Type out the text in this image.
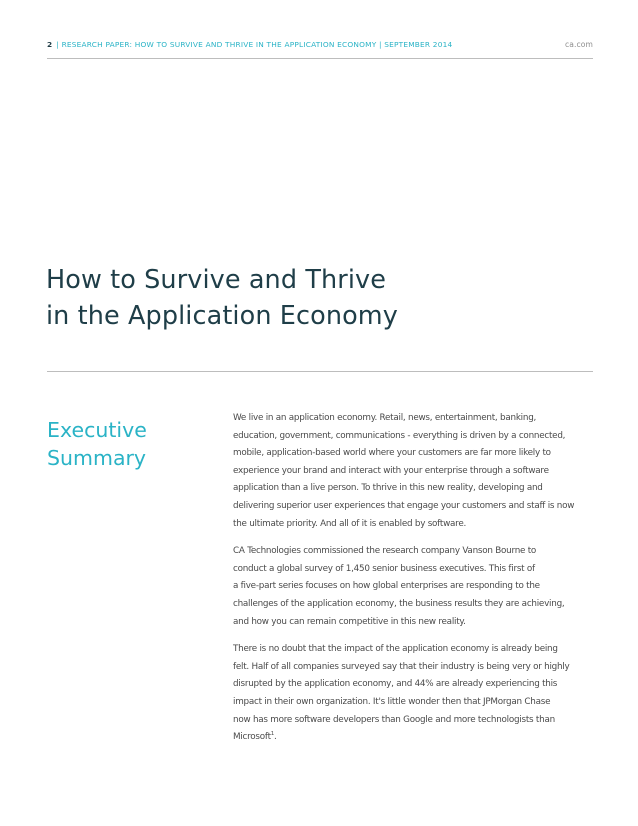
2 | RESEARCH PAPER: HOW TO SURVIVE AND THRIVE IN THE APPLICATION ECONOMY | SEPTEMBER 2014	ca.com
How to Survive and Thrive
in the Application Economy
Executive
Summary

We live in an application economy. Retail, news, entertainment, banking,
education, government, communications - everything is driven by a connected,
mobile, application-based world where your customers are far more likely to
experience your brand and interact with your enterprise through a software
application than a live person. To thrive in this new reality, developing and
delivering superior user experiences that engage your customers and staff is now
the ultimate priority. And all of it is enabled by software.

CA Technologies commissioned the research company Vanson Bourne to
conduct a global survey of 1,450 senior business executives. This first of
a five-part series focuses on how global enterprises are responding to the
challenges of the application economy, the business results they are achieving,
and how you can remain competitive in this new reality.

There is no doubt that the impact of the application economy is already being
felt. Half of all companies surveyed say that their industry is being very or highly
disrupted by the application economy, and 44% are already experiencing this
impact in their own organization. It's little wonder then that JPMorgan Chase
now has more software developers than Google and more technologists than
Microsoft$^1$.
